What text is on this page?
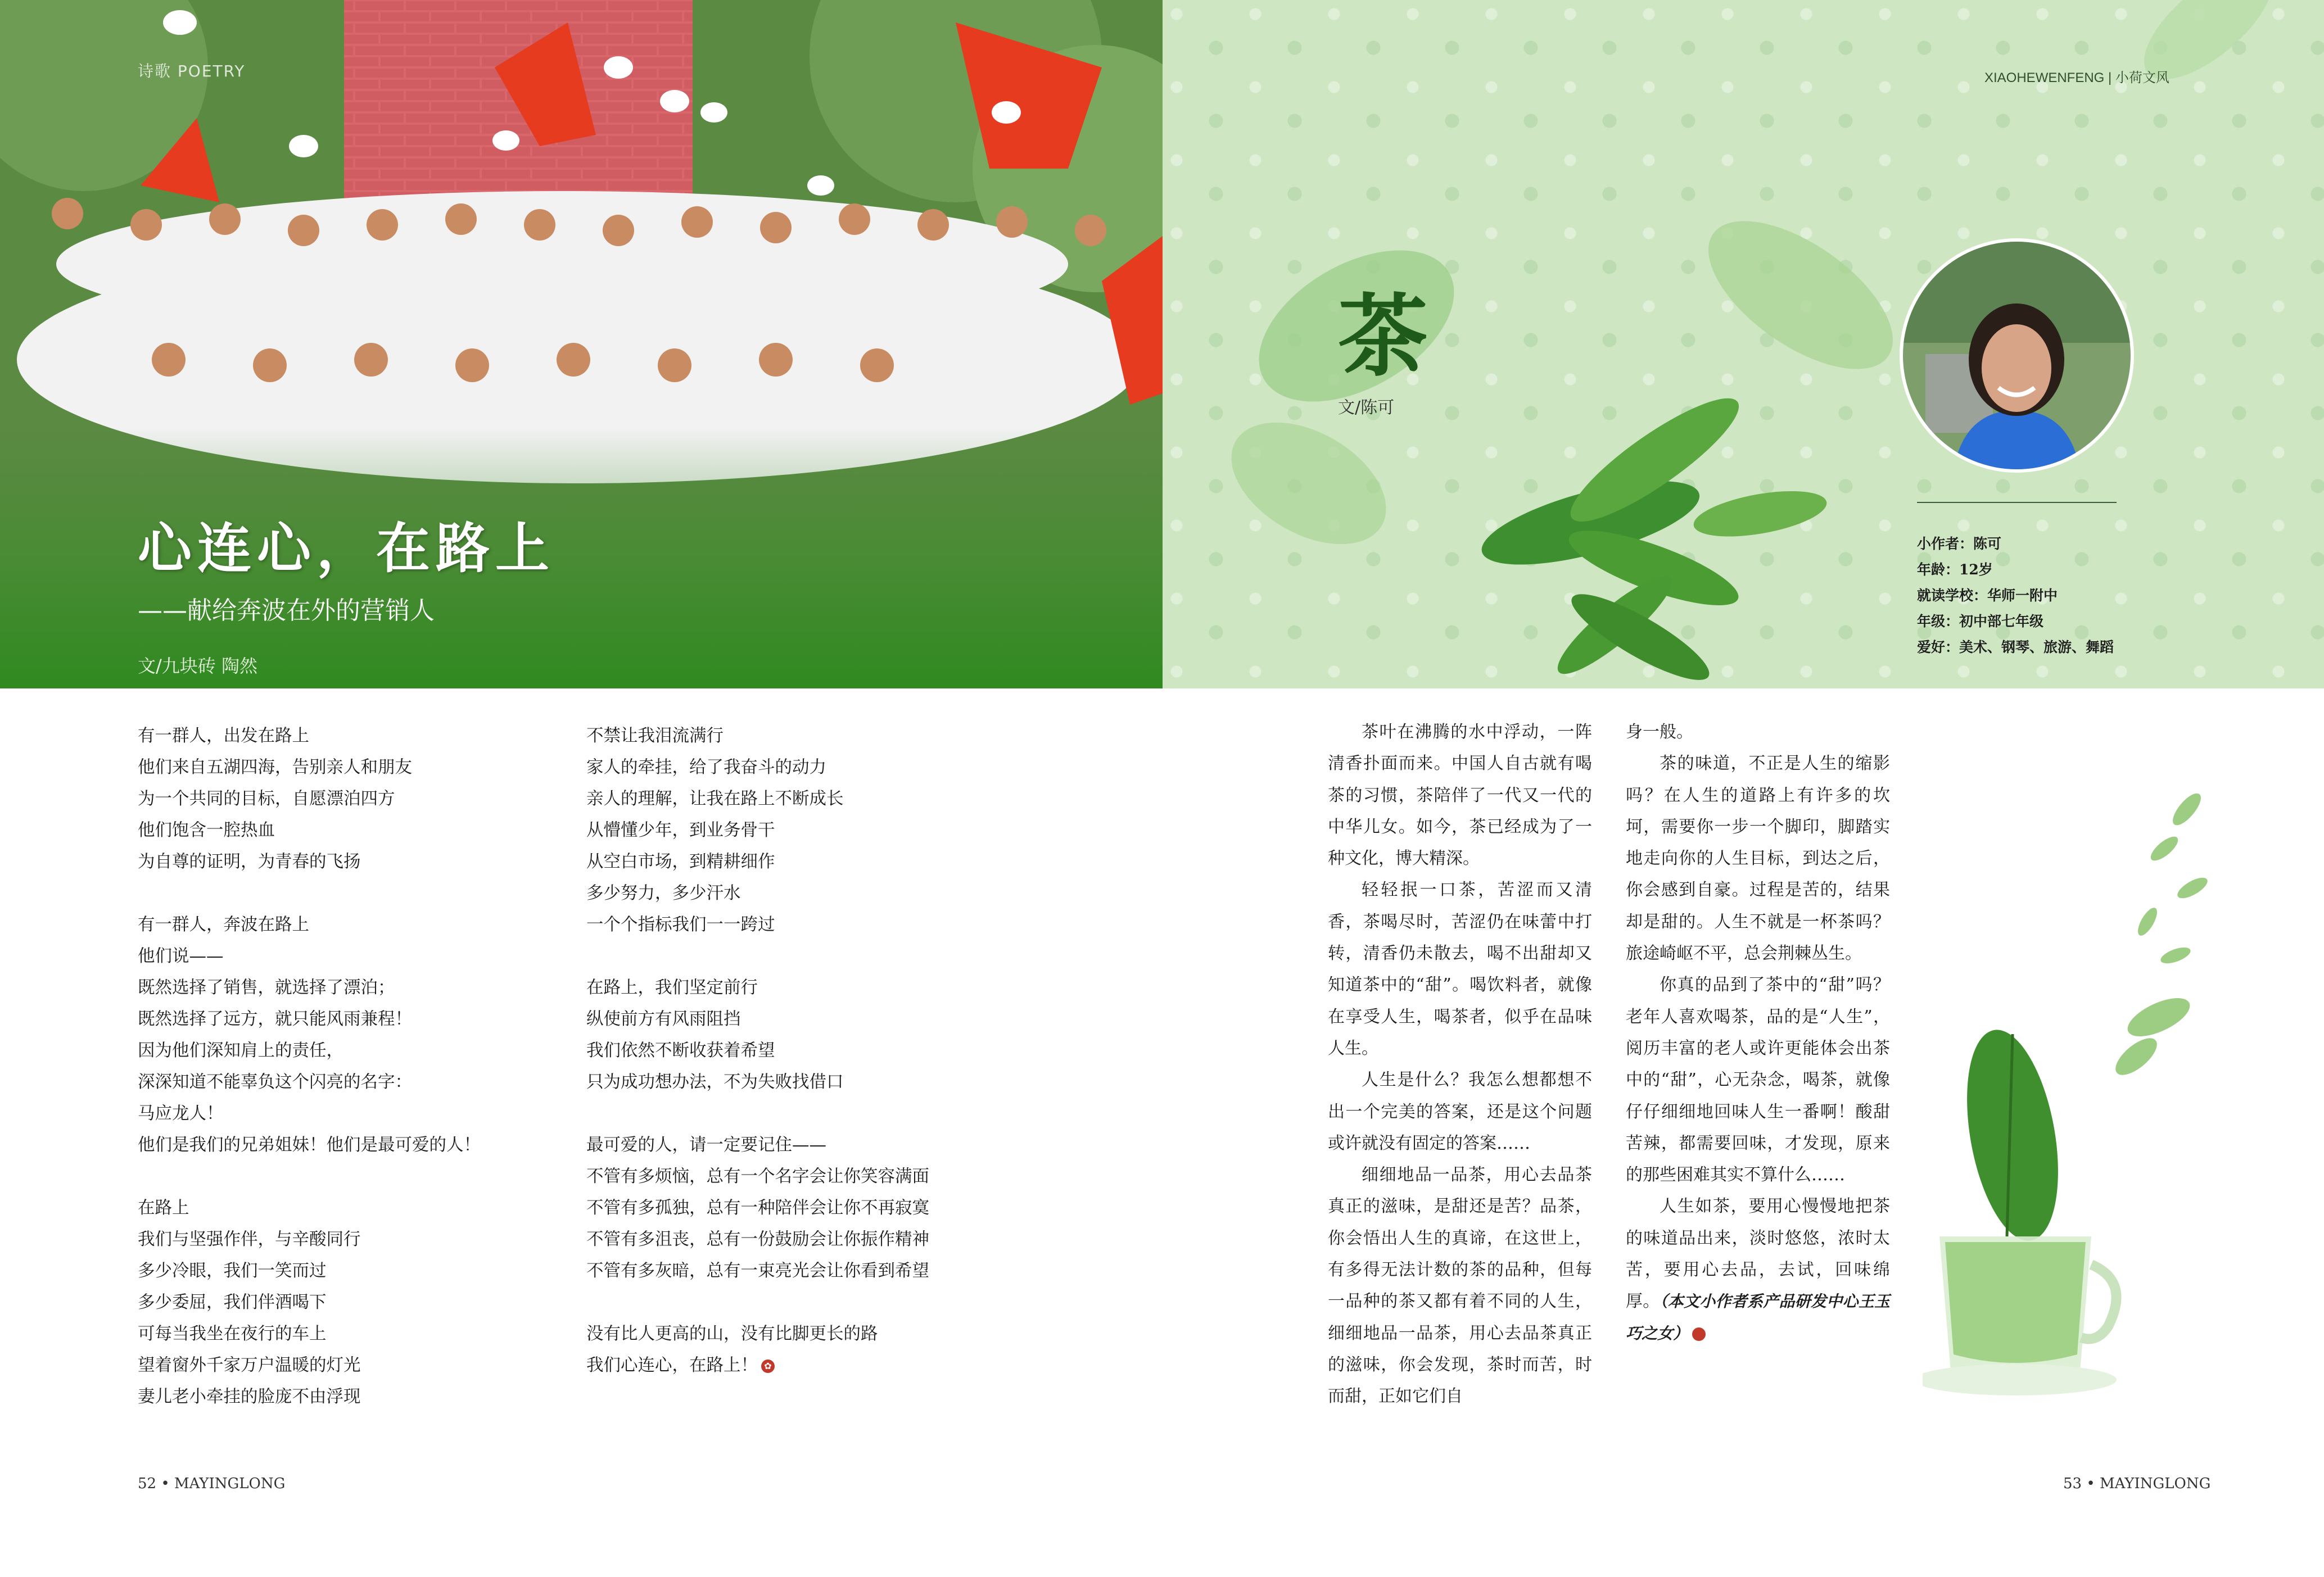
诗歌 POETRY
心连心，在路上
——献给奔波在外的营销人
文/九块砖 陶然
有一群人，出发在路上
他们来自五湖四海，告别亲人和朋友
为一个共同的目标，自愿漂泊四方
他们饱含一腔热血
为自尊的证明，为青春的飞扬
有一群人，奔波在路上
他们说——
既然选择了销售，就选择了漂泊；
既然选择了远方，就只能风雨兼程！
因为他们深知肩上的责任，
深深知道不能辜负这个闪亮的名字：
马应龙人！
他们是我们的兄弟姐妹！他们是最可爱的人！
在路上
我们与坚强作伴，与辛酸同行
多少冷眼，我们一笑而过
多少委屈，我们伴酒喝下
可每当我坐在夜行的车上
望着窗外千家万户温暖的灯光
妻儿老小牵挂的脸庞不由浮现
不禁让我泪流满行
家人的牵挂，给了我奋斗的动力
亲人的理解，让我在路上不断成长
从懵懂少年，到业务骨干
从空白市场，到精耕细作
多少努力，多少汗水
一个个指标我们一一跨过
在路上，我们坚定前行
纵使前方有风雨阻挡
我们依然不断收获着希望
只为成功想办法，不为失败找借口
最可爱的人，请一定要记住——
不管有多烦恼，总有一个名字会让你笑容满面
不管有多孤独，总有一种陪伴会让你不再寂寞
不管有多沮丧，总有一份鼓励会让你振作精神
不管有多灰暗，总有一束亮光会让你看到希望
没有比人更高的山，没有比脚更长的路
我们心连心，在路上！ ✿
52 • MAYINGLONG
XIAOHEWENFENG | 小荷文风
茶
文/陈可
小作者：陈可
年龄：12岁
就读学校：华师一附中
年级：初中部七年级
爱好：美术、钢琴、旅游、舞蹈

茶叶在沸腾的水中浮动，一阵清香扑面而来。中国人自古就有喝茶的习惯，茶陪伴了一代又一代的中华儿女。如今，茶已经成为了一种文化，博大精深。

轻轻抿一口茶，苦涩而又清香，茶喝尽时，苦涩仍在味蕾中打转，清香仍未散去，喝不出甜却又知道茶中的“甜”。喝饮料者，就像在享受人生，喝茶者，似乎在品味人生。

人生是什么？我怎么想都想不出一个完美的答案，还是这个问题或许就没有固定的答案……

细细地品一品茶，用心去品茶真正的滋味，是甜还是苦？品茶，你会悟出人生的真谛，在这世上，有多得无法计数的茶的品种，但每一品种的茶又都有着不同的人生，细细地品一品茶，用心去品茶真正的滋味，你会发现，茶时而苦，时而甜，正如它们自

身一般。

茶的味道，不正是人生的缩影吗？在人生的道路上有许多的坎坷，需要你一步一个脚印，脚踏实地走向你的人生目标，到达之后，你会感到自豪。过程是苦的，结果却是甜的。人生不就是一杯茶吗？旅途崎岖不平，总会荆棘丛生。

你真的品到了茶中的“甜”吗？老年人喜欢喝茶，品的是“人生”，阅历丰富的老人或许更能体会出茶中的“甜”，心无杂念，喝茶，就像仔仔细细地回味人生一番啊！酸甜苦辣，都需要回味，才发现，原来的那些困难其实不算什么……

人生如茶，要用心慢慢地把茶的味道品出来，淡时悠悠，浓时太苦，要用心去品，去试，回味绵厚。（本文小作者系产品研发中心王玉巧之女）	✿

53 • MAYINGLONG
